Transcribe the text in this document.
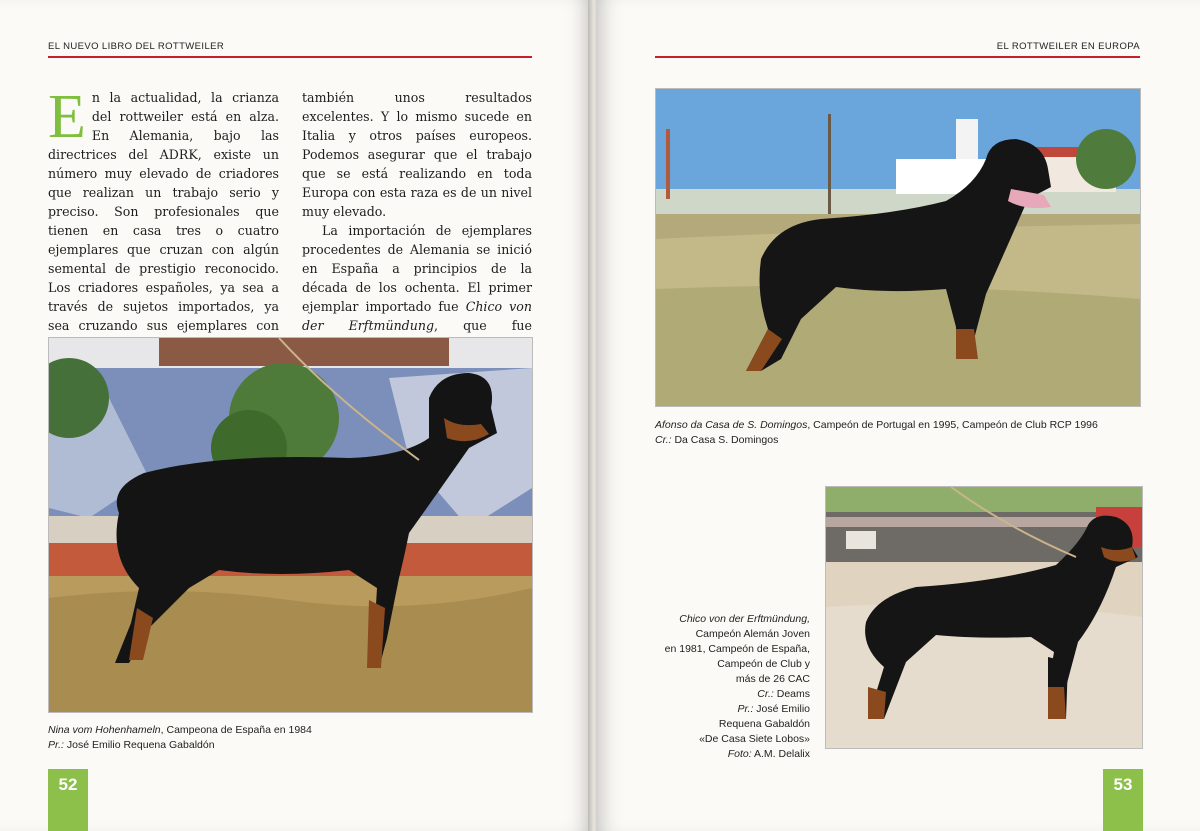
EL NUEVO LIBRO DEL ROTTWEILER

En la actualidad, la crianza del rottweiler está en alza. En Alemania, bajo las directrices del ADRK, existe un número muy elevado de criadores que realizan un trabajo serio y preciso. Son profesionales que tienen en casa tres o cuatro ejemplares que cruzan con algún semental de prestigio reconocido. Los criadores españoles, ya sea a través de sujetos importados, ya sea cruzando sus ejemplares con

también unos resultados excelentes. Y lo mismo sucede en Italia y otros países europeos. Podemos asegurar que el trabajo que se está realizando en toda Europa con esta raza es de un nivel muy elevado.

La importación de ejemplares procedentes de Alemania se inició en España a principios de la década de los ochenta. El primer ejemplar importado fue Chico von der Erftmündung, que fue

Nina vom Hohenhameln, Campeona de España en 1984
Pr.: José Emilio Requena Gabaldón
52
EL ROTTWEILER EN EUROPA
Afonso da Casa de S. Domingos, Campeón de Portugal en 1995, Campeón de Club RCP 1996
Cr.: Da Casa S. Domingos
Chico von der Erftmündung,
Campeón Alemán Joven
en 1981, Campeón de España,
Campeón de Club y
más de 26 CAC
Cr.: Deams
Pr.: José Emilio
Requena Gabaldón
«De Casa Siete Lobos»
Foto: A.M. Delalix
53
